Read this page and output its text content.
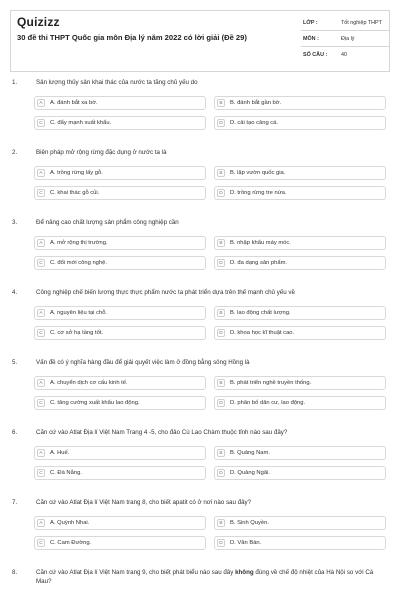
Quizizz
30 đề thi THPT Quốc gia môn Địa lý năm 2022 có lời giải (Đề 29)
LỚP :	Tốt nghiệp THPT
MÔN :	Địa lý
SỐ CÂU :	40
1.	Sản lượng thủy sản khai thác của nước ta tăng chủ yếu do
A	A. đánh bắt xa bờ.	B	B. đánh bắt gần bờ.
C	C. đẩy mạnh xuất khẩu.	D	D. cải tạo cảng cá.
2.	Biện pháp mở rộng rừng đặc dụng ở nước ta là
A	A. trồng rừng lấy gỗ.	B	B. lập vườn quốc gia.
C	C. khai thác gỗ củi.	D	D. trồng rừng tre nứa.
3.	Để nâng cao chất lượng sản phẩm công nghiệp cần
A	A. mở rộng thị trường.	B	B. nhập khẩu máy móc.
C	C. đổi mới công nghệ.	D	D. đa dạng sản phẩm.
4.	Công nghiệp chế biến lương thực thực phẩm nước ta phát triển dựa trên thế mạnh chủ yếu về
A	A. nguyên liệu tại chỗ.	B	B. lao động chất lượng.
C	C. cơ sở hạ tầng tốt.	D	D. khoa học kĩ thuật cao.
5.	Vấn đề có ý nghĩa hàng đầu để giải quyết việc làm ở đồng bằng sông Hồng là
A	A. chuyển dịch cơ cấu kinh tế.	B	B. phát triển nghề truyền thống.
C	C. tăng cường xuất khẩu lao động.	D	D. phân bố dân cư, lao động.
6.	Căn cứ vào Atlat Địa lí Việt Nam Trang 4 -5, cho đảo Cù Lao Chàm thuộc tỉnh nào sau đây?
A	A. Huế.	B	B. Quảng Nam.
C	C. Đà Nẵng.	D	D. Quảng Ngãi.
7.	Căn cứ vào Atlat Địa lí Việt Nam trang 8, cho biết apatit có ở nơi nào sau đây?
A	A. Quỳnh Nhai.	B	B. Sinh Quyền.
C	C. Cam Đường.	D	D. Vân Bàn.
8.	Căn cứ vào Atlat Địa lí Việt Nam trang 9, cho biết phát biểu nào sau đây không đúng về chế độ nhiệt của Hà Nội so với Cà Mau?
